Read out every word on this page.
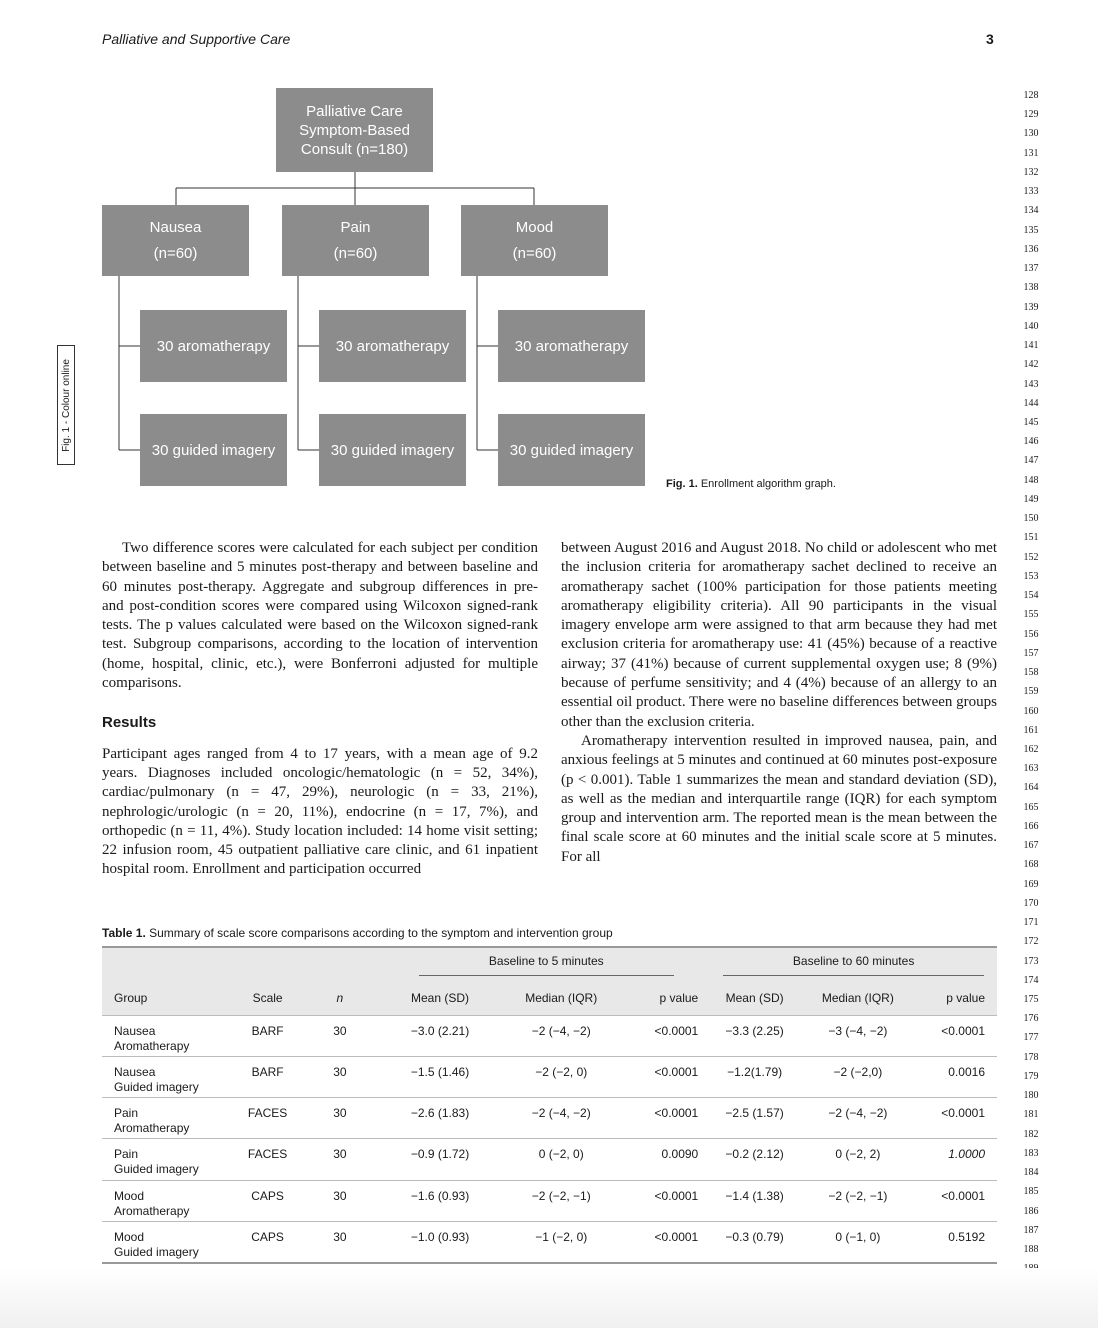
Palliative and Supportive Care	3
128
129
130
131
132
133
134
135
136
137
138
139
140
141
142
143
144
145
146
147
148
149
150
151
152
153
154
155
156
157
158
159
160
161
162
163
164
165
166
167
168
169
170
171
172
173
174
175
176
177
178
179
180
181
182
183
184
185
186
187
188
Fig. 1 - Colour online
Palliative Care
Symptom-Based
Consult (n=180)
Nausea
(n=60)
Pain
(n=60)
Mood
(n=60)
30 aromatherapy	30 aromatherapy	30 aromatherapy
30 guided imagery	30 guided imagery	30 guided imagery
Fig. 1. Enrollment algorithm graph.

Two difference scores were calculated for each subject per condition between baseline and 5 minutes post-therapy and between baseline and 60 minutes post-therapy. Aggregate and subgroup differences in pre- and post-condition scores were compared using Wilcoxon signed-rank tests. The p values calculated were based on the Wilcoxon signed-rank test. Subgroup comparisons, according to the location of intervention (home, hospital, clinic, etc.), were Bonferroni adjusted for multiple comparisons.

Results

Participant ages ranged from 4 to 17 years, with a mean age of 9.2 years. Diagnoses included oncologic/hematologic (n = 52, 34%), cardiac/pulmonary (n = 47, 29%), neurologic (n = 33, 21%), nephrologic/urologic (n = 20, 11%), endocrine (n = 17, 7%), and orthopedic (n = 11, 4%). Study location included: 14 home visit setting; 22 infusion room, 45 outpatient palliative care clinic, and 61 inpatient hospital room. Enrollment and participation occurred

between August 2016 and August 2018. No child or adolescent who met the inclusion criteria for aromatherapy sachet declined to receive an aromatherapy sachet (100% participation for those patients meeting aromatherapy eligibility criteria). All 90 participants in the visual imagery envelope arm were assigned to that arm because they had met exclusion criteria for aromatherapy use: 41 (45%) because of a reactive airway; 37 (41%) because of current supplemental oxygen use; 8 (9%) because of perfume sensitivity; and 4 (4%) because of an allergy to an essential oil product. There were no baseline differences between groups other than the exclusion criteria.

Aromatherapy intervention resulted in improved nausea, pain, and anxious feelings at 5 minutes and continued at 60 minutes post-exposure (p < 0.001). Table 1 summarizes the mean and standard deviation (SD), as well as the median and interquartile range (IQR) for each symptom group and intervention arm. The reported mean is the mean between the final scale score at 60 minutes and the initial scale score at 5 minutes. For all

Table 1. Summary of scale score comparisons according to the symptom and intervention group
			Baseline to 5 minutes			Baseline to 60 minutes		
Group	Scale	n	Mean (SD)	Median (IQR)	p value	Mean (SD)	Median (IQR)	p value

Nausea
Aromatherapy	BARF	30	−3.0 (2.21)	−2 (−4, −2)	<0.0001	−3.3 (2.25)	−3 (−4, −2)	<0.0001

Nausea
Guided imagery	BARF	30	−1.5 (1.46)	−2 (−2, 0)	<0.0001	−1.2(1.79)	−2 (−2,0)	0.0016

Pain
Aromatherapy	FACES	30	−2.6 (1.83)	−2 (−4, −2)	<0.0001	−2.5 (1.57)	−2 (−4, −2)	<0.0001

Pain
Guided imagery	FACES	30	−0.9 (1.72)	0 (−2, 0)	0.0090	−0.2 (2.12)	0 (−2, 2)	1.0000

Mood
Aromatherapy	CAPS	30	−1.6 (0.93)	−2 (−2, −1)	<0.0001	−1.4 (1.38)	−2 (−2, −1)	<0.0001

Mood
Guided imagery	CAPS	30	−1.0 (0.93)	−1 (−2, 0)	<0.0001	−0.3 (0.79)	0 (−1, 0)	0.5192
